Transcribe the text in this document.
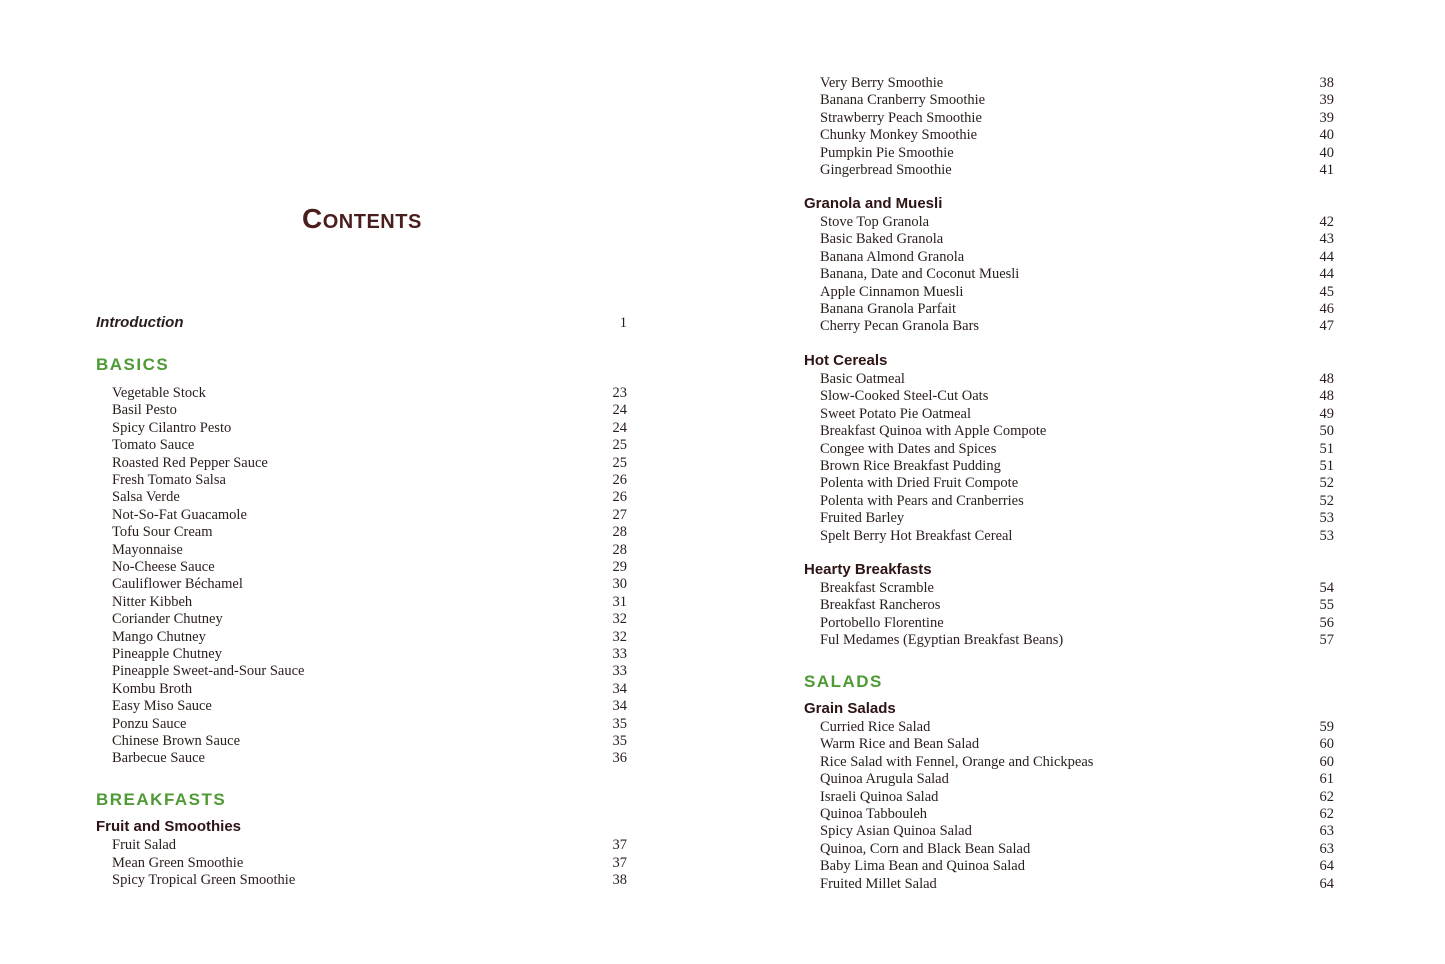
Contents
Introduction	1
BASICS
Vegetable Stock	23
Basil Pesto	24
Spicy Cilantro Pesto	24
Tomato Sauce	25
Roasted Red Pepper Sauce	25
Fresh Tomato Salsa	26
Salsa Verde	26
Not-So-Fat Guacamole	27
Tofu Sour Cream	28
Mayonnaise	28
No-Cheese Sauce	29
Cauliflower Béchamel	30
Nitter Kibbeh	31
Coriander Chutney	32
Mango Chutney	32
Pineapple Chutney	33
Pineapple Sweet-and-Sour Sauce	33
Kombu Broth	34
Easy Miso Sauce	34
Ponzu Sauce	35
Chinese Brown Sauce	35
Barbecue Sauce	36
BREAKFASTS
Fruit and Smoothies
Fruit Salad	37
Mean Green Smoothie	37
Spicy Tropical Green Smoothie	38
Very Berry Smoothie	38
Banana Cranberry Smoothie	39
Strawberry Peach Smoothie	39
Chunky Monkey Smoothie	40
Pumpkin Pie Smoothie	40
Gingerbread Smoothie	41
Granola and Muesli
Stove Top Granola	42
Basic Baked Granola	43
Banana Almond Granola	44
Banana, Date and Coconut Muesli	44
Apple Cinnamon Muesli	45
Banana Granola Parfait	46
Cherry Pecan Granola Bars	47
Hot Cereals
Basic Oatmeal	48
Slow-Cooked Steel-Cut Oats	48
Sweet Potato Pie Oatmeal	49
Breakfast Quinoa with Apple Compote	50
Congee with Dates and Spices	51
Brown Rice Breakfast Pudding	51
Polenta with Dried Fruit Compote	52
Polenta with Pears and Cranberries	52
Fruited Barley	53
Spelt Berry Hot Breakfast Cereal	53
Hearty Breakfasts
Breakfast Scramble	54
Breakfast Rancheros	55
Portobello Florentine	56
Ful Medames (Egyptian Breakfast Beans)	57
SALADS
Grain Salads
Curried Rice Salad	59
Warm Rice and Bean Salad	60
Rice Salad with Fennel, Orange and Chickpeas	60
Quinoa Arugula Salad	61
Israeli Quinoa Salad	62
Quinoa Tabbouleh	62
Spicy Asian Quinoa Salad	63
Quinoa, Corn and Black Bean Salad	63
Baby Lima Bean and Quinoa Salad	64
Fruited Millet Salad	64
